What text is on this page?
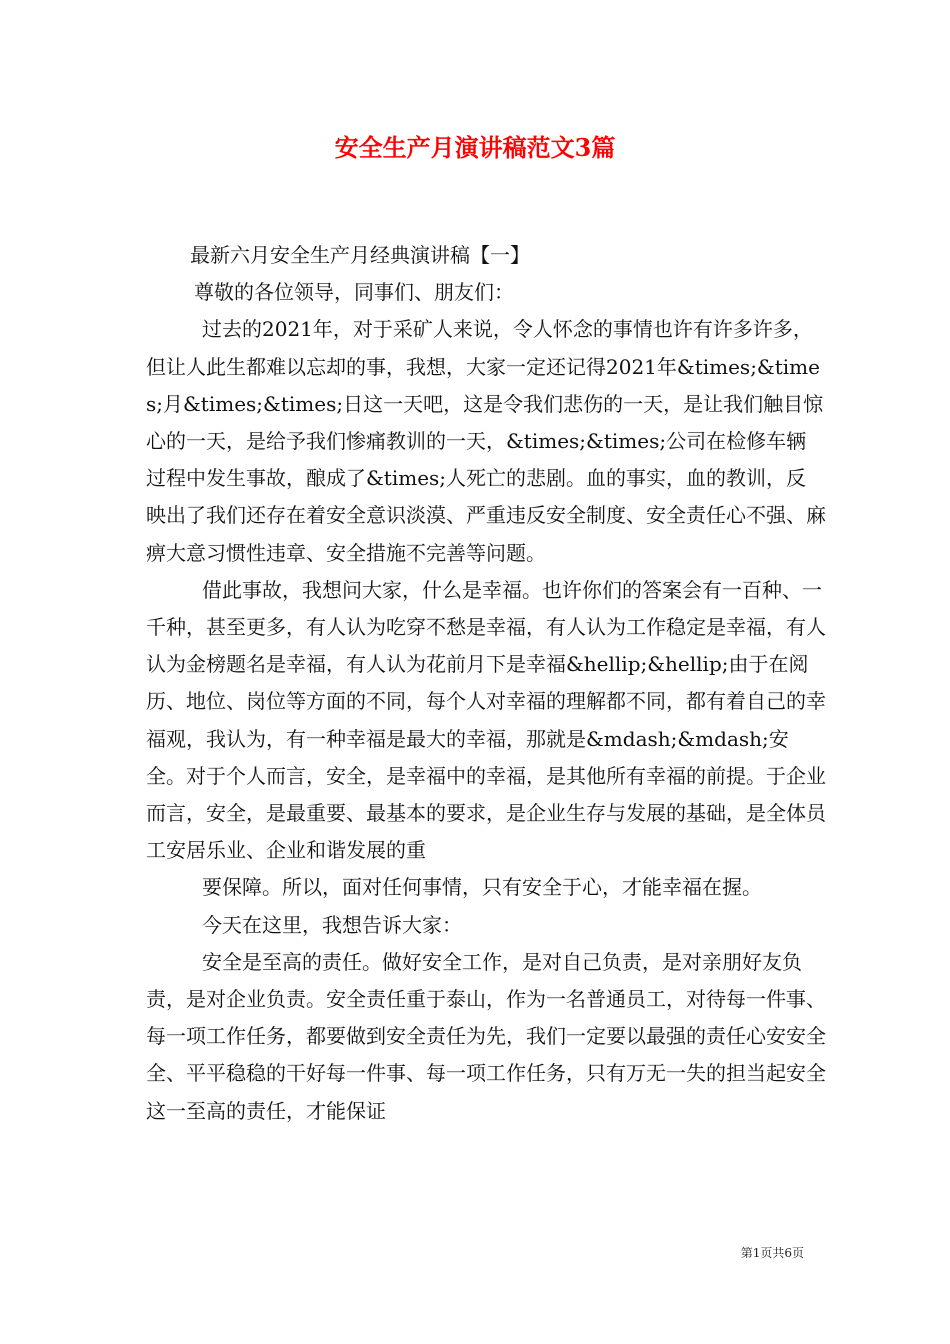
安全生产月演讲稿范文3篇

最新六月安全生产月经典演讲稿【一】

尊敬的各位领导，同事们、朋友们：

过去的2021年，对于采矿人来说，令人怀念的事情也许有许多许多，但让人此生都难以忘却的事，我想，大家一定还记得2021年&times;&times;月&times;&times;日这一天吧，这是令我们悲伤的一天，是让我们触目惊心的一天，是给予我们惨痛教训的一天，&times;&times;公司在检修车辆过程中发生事故，酿成了&times;人死亡的悲剧。血的事实，血的教训，反映出了我们还存在着安全意识淡漠、严重违反安全制度、安全责任心不强、麻痹大意习惯性违章、安全措施不完善等问题。

借此事故，我想问大家，什么是幸福。也许你们的答案会有一百种、一千种，甚至更多，有人认为吃穿不愁是幸福，有人认为工作稳定是幸福，有人认为金榜题名是幸福，有人认为花前月下是幸福&hellip;&hellip;由于在阅历、地位、岗位等方面的不同，每个人对幸福的理解都不同，都有着自己的幸福观，我认为，有一种幸福是最大的幸福，那就是&mdash;&mdash;安全。对于个人而言，安全，是幸福中的幸福，是其他所有幸福的前提。于企业而言，安全，是最重要、最基本的要求，是企业生存与发展的基础，是全体员工安居乐业、企业和谐发展的重

要保障。所以，面对任何事情，只有安全于心，才能幸福在握。

今天在这里，我想告诉大家：

安全是至高的责任。做好安全工作，是对自己负责，是对亲朋好友负责，是对企业负责。安全责任重于泰山，作为一名普通员工，对待每一件事、每一项工作任务，都要做到安全责任为先，我们一定要以最强的责任心安安全全、平平稳稳的干好每一件事、每一项工作任务，只有万无一失的担当起安全这一至高的责任，才能保证

第1页共6页
